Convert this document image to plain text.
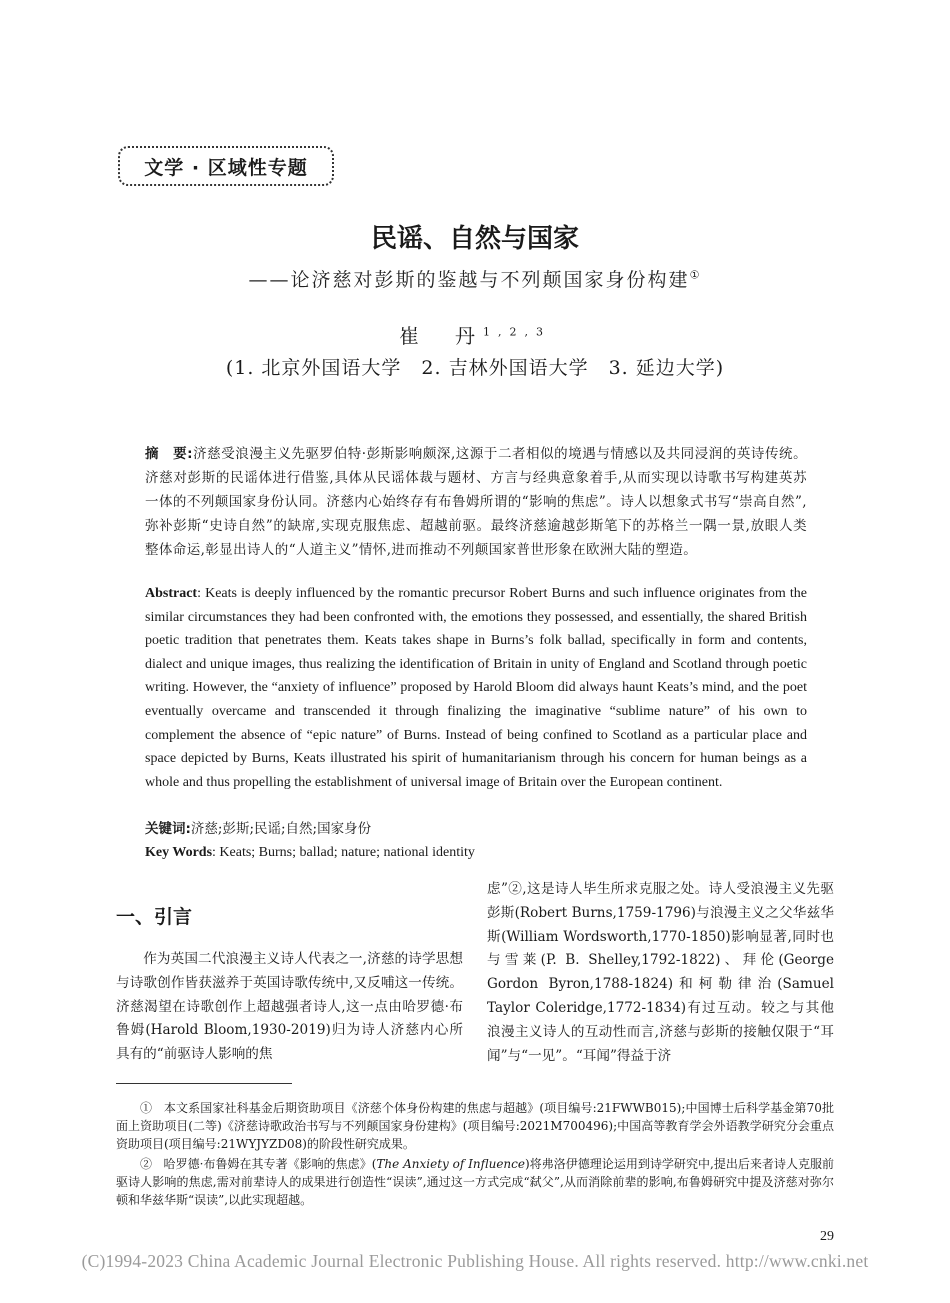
文学 · 区域性专题
民谣、自然与国家
——论济慈对彭斯的鉴越与不列颠国家身份构建①
崔　丹$^{1,2,3}$
(1. 北京外国语大学　2. 吉林外国语大学　3. 延边大学)
摘　要:济慈受浪漫主义先驱罗伯特·彭斯影响颇深,这源于二者相似的境遇与情感以及共同浸润的英诗传统。济慈对彭斯的民谣体进行借鉴,具体从民谣体裁与题材、方言与经典意象着手,从而实现以诗歌书写构建英苏一体的不列颠国家身份认同。济慈内心始终存有布鲁姆所谓的“影响的焦虑”。诗人以想象式书写“崇高自然”,弥补彭斯“史诗自然”的缺席,实现克服焦虑、超越前驱。最终济慈逾越彭斯笔下的苏格兰一隅一景,放眼人类整体命运,彰显出诗人的“人道主义”情怀,进而推动不列颠国家普世形象在欧洲大陆的塑造。
Abstract: Keats is deeply influenced by the romantic precursor Robert Burns and such influence originates from the similar circumstances they had been confronted with, the emotions they possessed, and essentially, the shared British poetic tradition that penetrates them. Keats takes shape in Burns’s folk ballad, specifically in form and contents, dialect and unique images, thus realizing the identification of Britain in unity of England and Scotland through poetic writing. However, the “anxiety of influence” proposed by Harold Bloom did always haunt Keats’s mind, and the poet eventually overcame and transcended it through finalizing the imaginative “sublime nature” of his own to complement the absence of “epic nature” of Burns. Instead of being confined to Scotland as a particular place and space depicted by Burns, Keats illustrated his spirit of humanitarianism through his concern for human beings as a whole and thus propelling the establishment of universal image of Britain over the European continent.
关键词:济慈;彭斯;民谣;自然;国家身份
Key Words: Keats; Burns; ballad; nature; national identity
一、引言

作为英国二代浪漫主义诗人代表之一,济慈的诗学思想与诗歌创作皆获滋养于英国诗歌传统中,又反哺这一传统。济慈渴望在诗歌创作上超越强者诗人,这一点由哈罗德·布鲁姆(Harold Bloom,1930-2019)归为诗人济慈内心所具有的“前驱诗人影响的焦

虑”②,这是诗人毕生所求克服之处。诗人受浪漫主义先驱彭斯(Robert Burns,1759-1796)与浪漫主义之父华兹华斯(William Wordsworth,1770-1850)影响显著,同时也与雪莱(P. B. Shelley,1792-1822)、拜伦(George Gordon Byron,1788-1824)和柯勒律治(Samuel Taylor Coleridge,1772-1834)有过互动。较之与其他浪漫主义诗人的互动性而言,济慈与彭斯的接触仅限于“耳闻”与“一见”。“耳闻”得益于济

① 本文系国家社科基金后期资助项目《济慈个体身份构建的焦虑与超越》(项目编号:21FWWB015);中国博士后科学基金第70批面上资助项目(二等)《济慈诗歌政治书写与不列颠国家身份建构》(项目编号:2021M700496);中国高等教育学会外语教学研究分会重点资助项目(项目编号:21WYJYZD08)的阶段性研究成果。

② 哈罗德·布鲁姆在其专著《影响的焦虑》(The Anxiety of Influence)将弗洛伊德理论运用到诗学研究中,提出后来者诗人克服前驱诗人影响的焦虑,需对前辈诗人的成果进行创造性“误读”,通过这一方式完成“弑父”,从而消除前辈的影响,布鲁姆研究中提及济慈对弥尔顿和华兹华斯“误读”,以此实现超越。

29
(C)1994-2023 China Academic Journal Electronic Publishing House. All rights reserved. http://www.cnki.net
